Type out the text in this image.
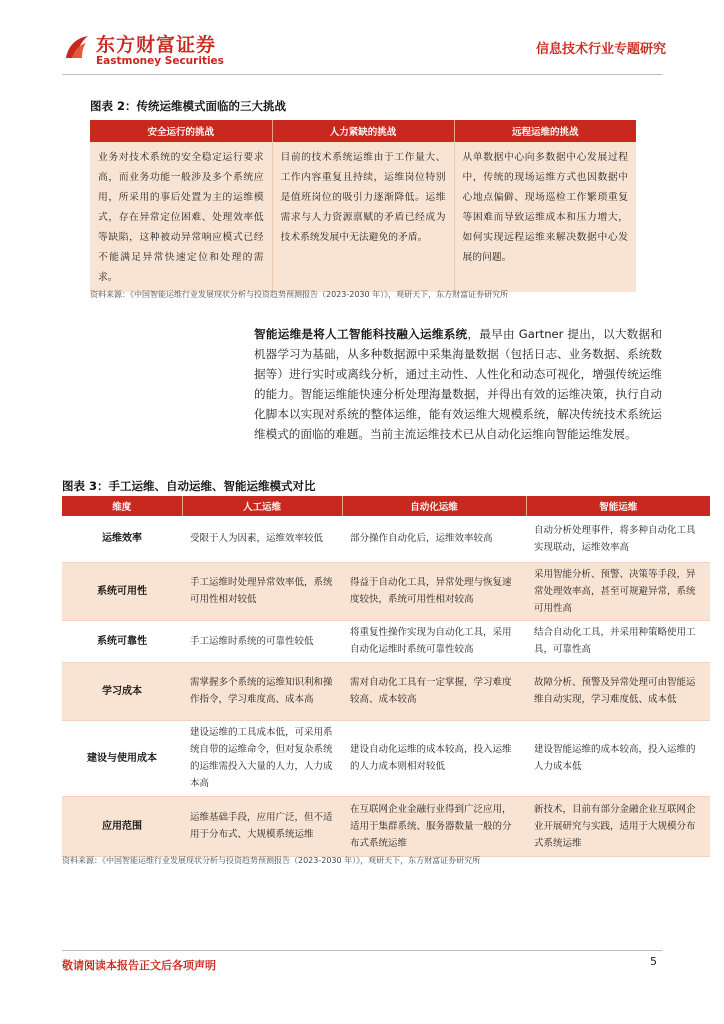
东方财富证券
Eastmoney Securities
信息技术行业专题研究
图表 2：传统运维模式面临的三大挑战
安全运行的挑战	人力紧缺的挑战	远程运维的挑战
业务对技术系统的安全稳定运行要求高，而业务功能一般涉及多个系统应用，所采用的事后处置为主的运维模式，存在异常定位困难、处理效率低等缺陷，这种被动异常响应模式已经不能满足异常快速定位和处理的需求。	目前的技术系统运维由于工作量大、工作内容重复且持续，运维岗位特别是值班岗位的吸引力逐渐降低。运维需求与人力资源禀赋的矛盾已经成为技术系统发展中无法避免的矛盾。	从单数据中心向多数据中心发展过程中，传统的现场运维方式也因数据中心地点偏僻、现场巡检工作繁琐重复等困难而导致运维成本和压力增大，如何实现远程运维来解决数据中心发展的问题。
资料来源：《中国智能运维行业发展现状分析与投资趋势预测报告（2023-2030 年）》，观研天下，东方财富证券研究所
智能运维是将人工智能科技融入运维系统，最早由 Gartner 提出，以大数据和机器学习为基础，从多种数据源中采集海量数据（包括日志、业务数据、系统数据等）进行实时或离线分析，通过主动性、人性化和动态可视化，增强传统运维的能力。智能运维能快速分析处理海量数据，并得出有效的运维决策，执行自动化脚本以实现对系统的整体运维，能有效运维大规模系统，解决传统技术系统运维模式的面临的难题。当前主流运维技术已从自动化运维向智能运维发展。
图表 3：手工运维、自动运维、智能运维模式对比
维度	人工运维	自动化运维	智能运维
运维效率	受限于人为因素，运维效率较低	部分操作自动化后，运维效率较高	自动分析处理事件，将多种自动化工具实现联动，运维效率高
系统可用性	手工运维时处理异常效率低，系统可用性相对较低	得益于自动化工具，异常处理与恢复速度较快，系统可用性相对较高	采用智能分析、预警、决策等手段，异常处理效率高，甚至可规避异常，系统可用性高
系统可靠性	手工运维时系统的可靠性较低	将重复性操作实现为自动化工具，采用自动化运维时系统可靠性较高	结合自动化工具，并采用种策略使用工具，可靠性高
学习成本	需掌握多个系统的运维知识利和操作指令，学习难度高、成本高	需对自动化工具有一定掌握，学习难度较高、成本较高	故障分析、预警及异常处理可由智能运维自动实现，学习难度低、成本低
建设与使用成本	建设运维的工具成本低，可采用系统自带的运维命令，但对复杂系统的运维需投入大量的人力，人力成本高	建设自动化运维的成本较高，投入运维的人力成本则相对较低	建设智能运维的成本较高，投入运维的人力成本低
应用范围	运维基础手段，应用广泛，但不适用于分布式、大规模系统运维	在互联网企业金融行业得到广泛应用，适用于集群系统、服务器数量一般的分布式系统运维	新技术，目前有部分金融企业互联网企业开展研究与实践，适用于大规模分布式系统运维
资料来源：《中国智能运维行业发展现状分析与投资趋势预测报告（2023-2030 年）》，观研天下，东方财富证券研究所
敬请阅读本报告正文后各项声明	5
